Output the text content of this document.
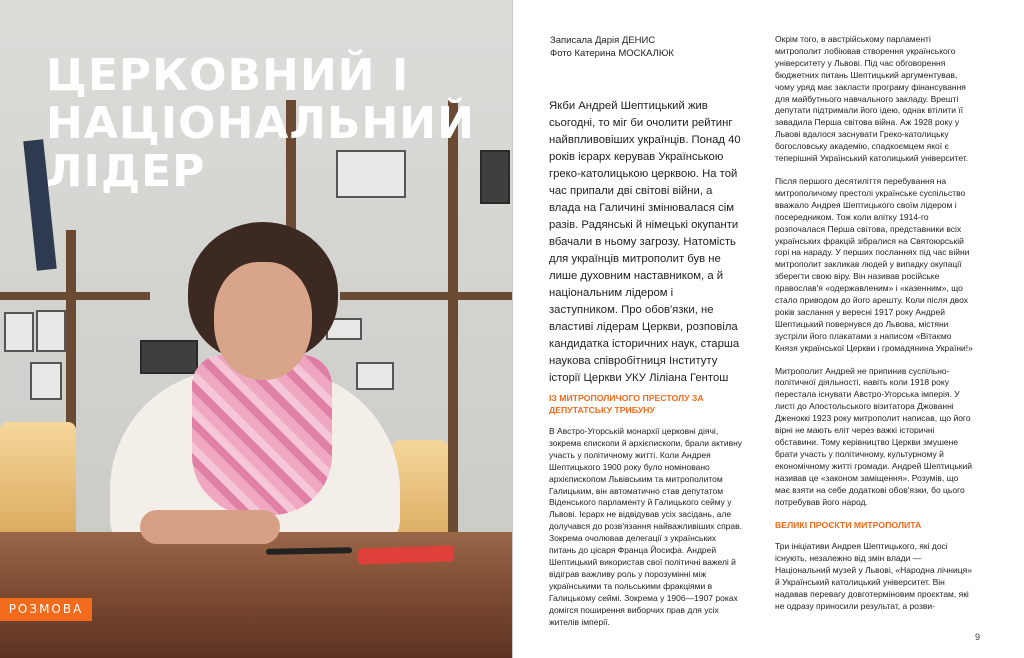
ЦЕРКОВНИЙ І
НАЦІОНАЛЬНИЙ
ЛІДЕР
РОЗМОВА
Записала Дарія ДЕНИС
Фото Катерина МОСКАЛЮК
Якби Андрей Шептицький жив сьогодні, то міг би очолити рейтинг найвпливовіших українців. Понад 40 років ієрарх керував Українською греко-католицькою церквою. На той час припали дві світові війни, а влада на Галичині змінювалася сім разів. Радянські й німецькі окупанти вбачали в ньому загрозу. Натомість для українців митрополит був не лише духовним наставником, а й національним лідером і заступником. Про обов'язки, не властиві лідерам Церкви, розповіла кандидатка історичних наук, старша наукова співробітниця Інституту історії Церкви УКУ Ліліана Гентош
ІЗ МИТРОПОЛИЧОГО ПРЕСТОЛУ ЗА ДЕПУТАТСЬКУ ТРИБУНУ

В Австро-Угорській монархії церковні діячі, зокрема єпископи й архієпископи, брали активну участь у політичному житті. Коли Андрея Шептицького 1900 року було номіновано архієпископом Львівським та митрополитом Галицьким, він автоматично став депутатом Віденського парламенту й Галицького сейму у Львові. Ієрарх не відвідував усіх засідань, але долучався до розв'язання найважливіших справ. Зокрема очолював делегації з українських питань до цісаря Франца Йосифа. Андрей Шептицький використав свої політичні важелі й відіграв важливу роль у порозумінні між українськими та польськими фракціями в Галицькому сеймі. Зокрема у 1906—1907 роках домігся поширення виборчих прав для усіх жителів імперії.

Окрім того, в австрійському парламенті митрополит лобіював створення українського університету у Львові. Під час обговорення бюджетних питань Шептицький аргументував, чому уряд має закласти програму фінансування для майбутнього навчального закладу. Врешті депутати підтримали його ідею, однак втілити її завадила Перша світова війна. Аж 1928 року у Львові вдалося заснувати Греко-католицьку богословську академію, спадкоємцем якої є теперішній Український католицький університет.

Після першого десятиліття перебування на митрополичому престолі українське суспільство вважало Андрея Шептицького своїм лідером і посередником. Тож коли влітку 1914-го розпочалася Перша світова, представники всіх українських фракцій зібралися на Святоюрській горі на нараду. У перших посланнях під час війни митрополит закликав людей у випадку окупації зберегти свою віру. Він називав російське православ'я «одержавленим» і «казенним», що стало приводом до його арешту. Коли після двох років заслання у вересні 1917 року Андрей Шептицький повернувся до Львова, містяни зустріли його плакатами з написом «Вітаємо Князя української Церкви і громадянина України!»

Митрополит Андрей не припинив суспільно-політичної діяльності, навіть коли 1918 року перестала існувати Австро-Угорська імперія. У листі до Апостольського візитатора Джованні Дженоккі 1923 року митрополит написав, що його вірні не мають еліт через важкі історичні обставини. Тому керівництво Церкви змушене брати участь у політичному, культурному й економічному житті громади. Андрей Шептицький називав це «законом заміщення». Розумів, що має взяти на себе додаткові обов'язки, бо цього потребував його народ.

ВЕЛИКІ ПРОЄКТИ МИТРОПОЛИТА

Три ініціативи Андрея Шептицького, які досі існують, незалежно від змін влади — Національний музей у Львові, «Народна лічниця» й Український католицький університет. Він надавав перевагу довготерміновим проєктам, які не одразу приносили результат, а розви-

9
